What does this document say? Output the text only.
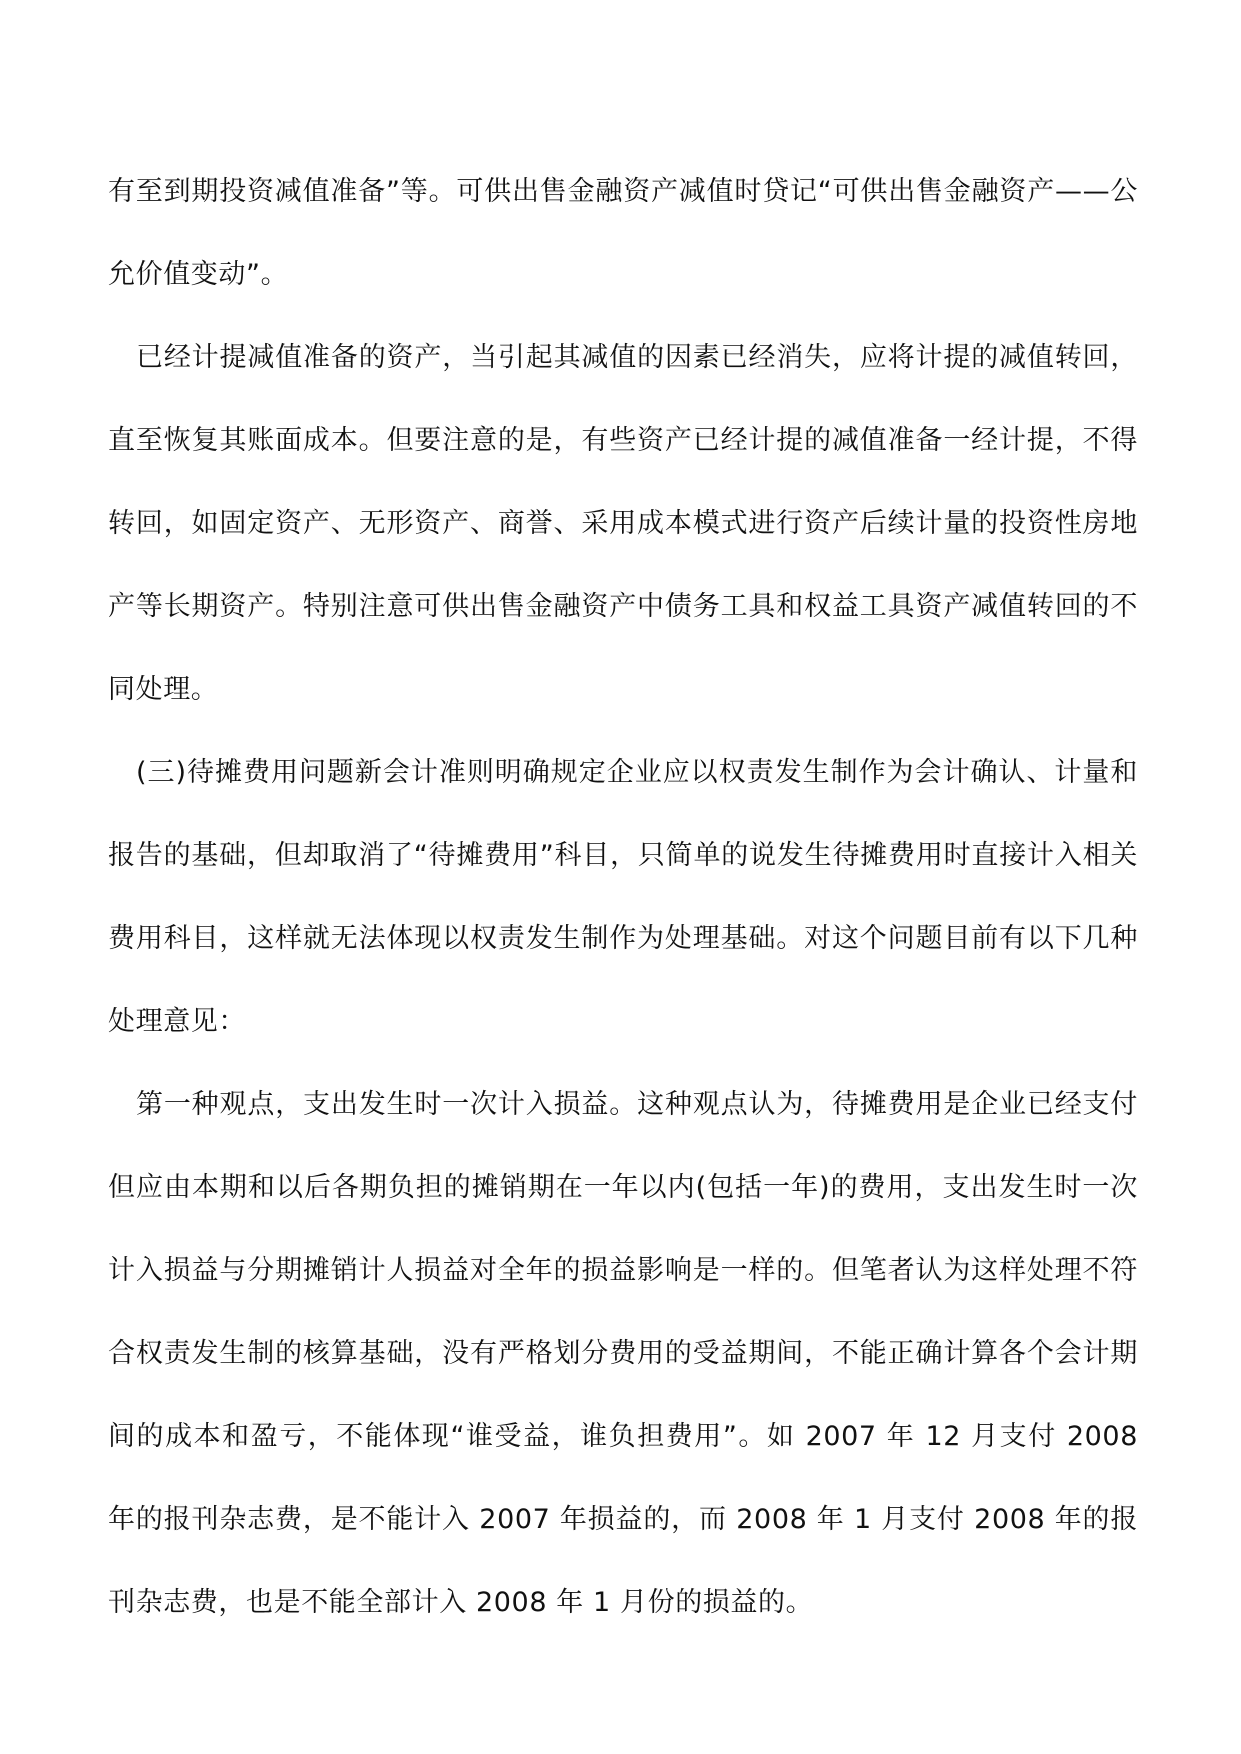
有至到期投资减值准备”等。可供出售金融资产减值时贷记“可供出售金融资产——公允价值变动”。

已经计提减值准备的资产，当引起其减值的因素已经消失，应将计提的减值转回，直至恢复其账面成本。但要注意的是，有些资产已经计提的减值准备一经计提，不得转回，如固定资产、无形资产、商誉、采用成本模式进行资产后续计量的投资性房地产等长期资产。特别注意可供出售金融资产中债务工具和权益工具资产减值转回的不同处理。

(三)待摊费用问题新会计准则明确规定企业应以权责发生制作为会计确认、计量和报告的基础，但却取消了“待摊费用”科目，只简单的说发生待摊费用时直接计入相关费用科目，这样就无法体现以权责发生制作为处理基础。对这个问题目前有以下几种处理意见：

第一种观点，支出发生时一次计入损益。这种观点认为，待摊费用是企业已经支付但应由本期和以后各期负担的摊销期在一年以内(包括一年)的费用，支出发生时一次计入损益与分期摊销计人损益对全年的损益影响是一样的。但笔者认为这样处理不符合权责发生制的核算基础，没有严格划分费用的受益期间，不能正确计算各个会计期间的成本和盈亏，不能体现“谁受益，谁负担费用”。如 2007 年 12 月支付 2008 年的报刊杂志费，是不能计入 2007 年损益的，而 2008 年 1 月支付 2008 年的报刊杂志费，也是不能全部计入 2008 年 1 月份的损益的。
